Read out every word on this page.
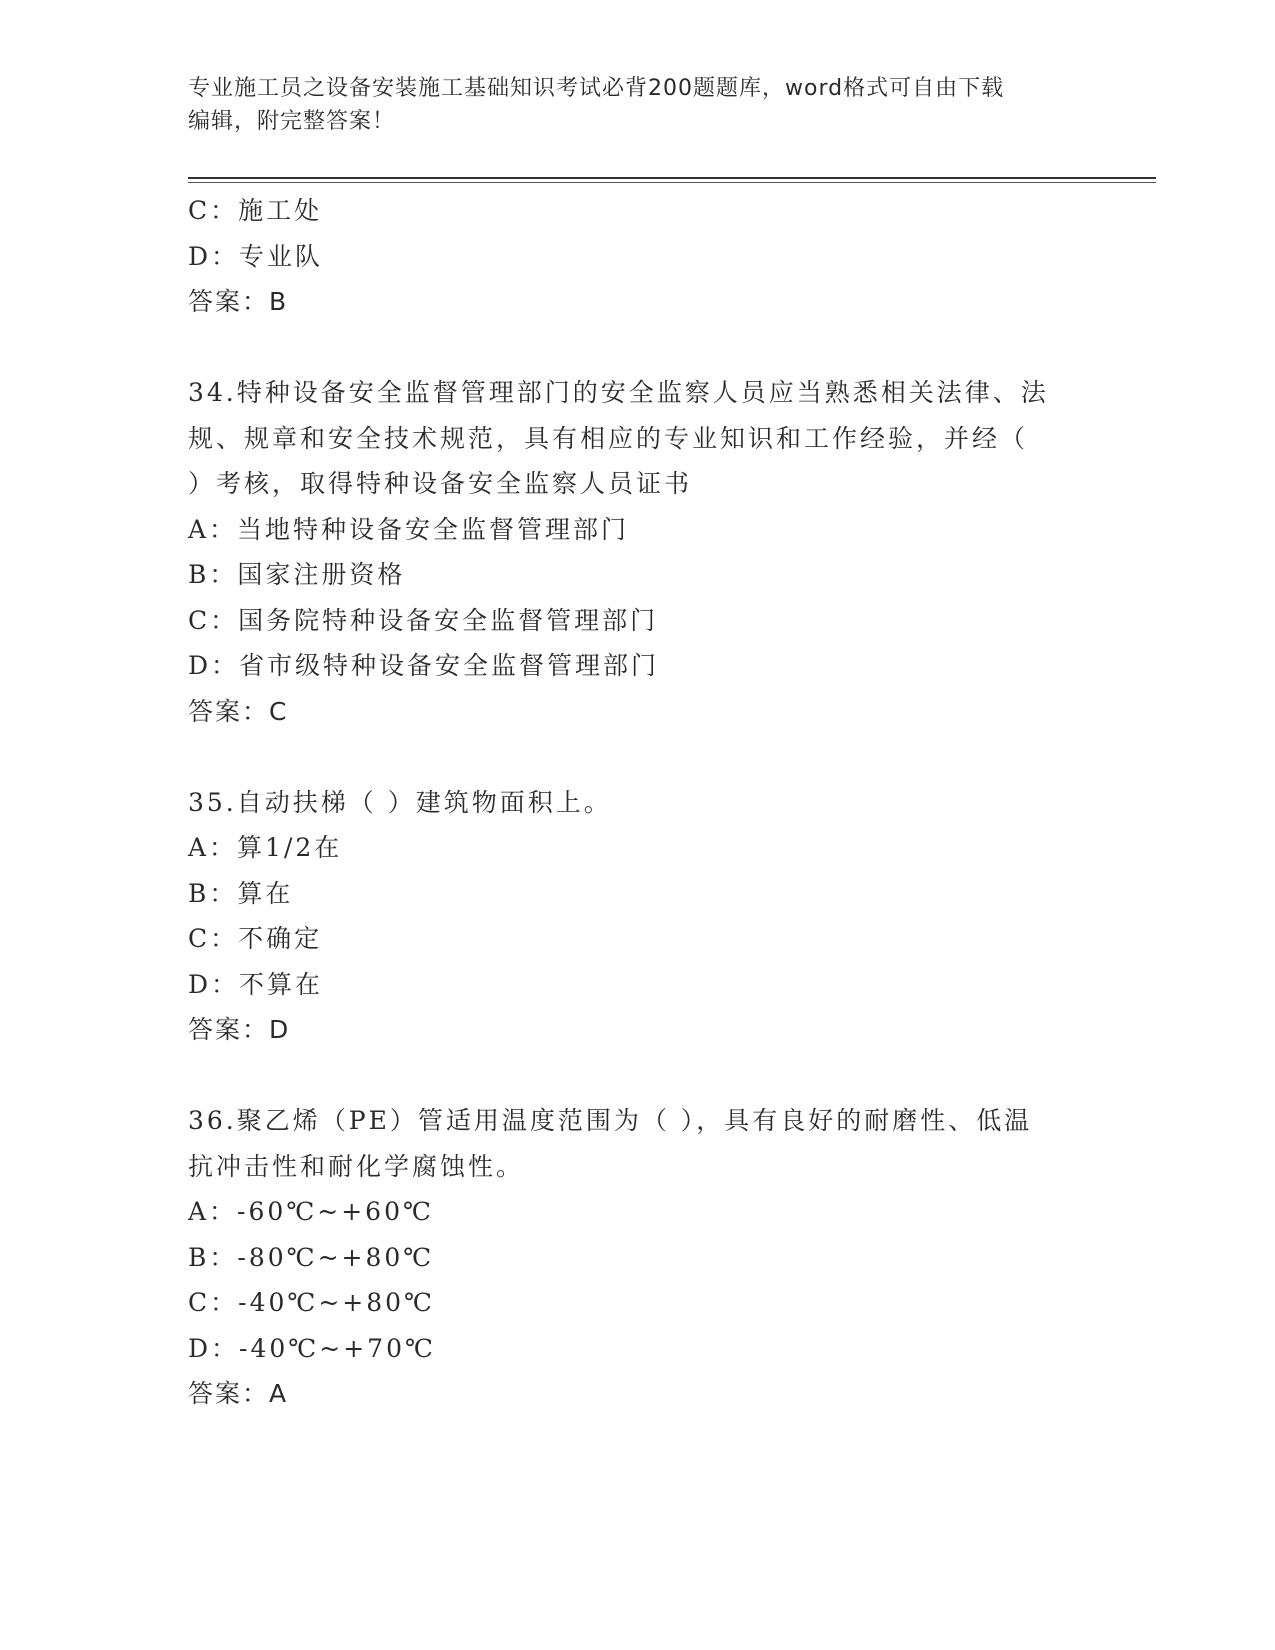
专业施工员之设备安装施工基础知识考试必背200题题库，word格式可自由下载
编辑，附完整答案！
C：施工处
D：专业队
答案：B
34.特种设备安全监督管理部门的安全监察人员应当熟悉相关法律、法
规、规章和安全技术规范，具有相应的专业知识和工作经验，并经（
）考核，取得特种设备安全监察人员证书
A：当地特种设备安全监督管理部门
B：国家注册资格
C：国务院特种设备安全监督管理部门
D：省市级特种设备安全监督管理部门
答案：C
35.自动扶梯（ ）建筑物面积上。
A：算1/2在
B：算在
C：不确定
D：不算在
答案：D
36.聚乙烯（PE）管适用温度范围为（ ），具有良好的耐磨性、低温
抗冲击性和耐化学腐蚀性。
A：-60℃~+60℃
B：-80℃~+80℃
C：-40℃~+80℃
D：-40℃~+70℃
答案：A
